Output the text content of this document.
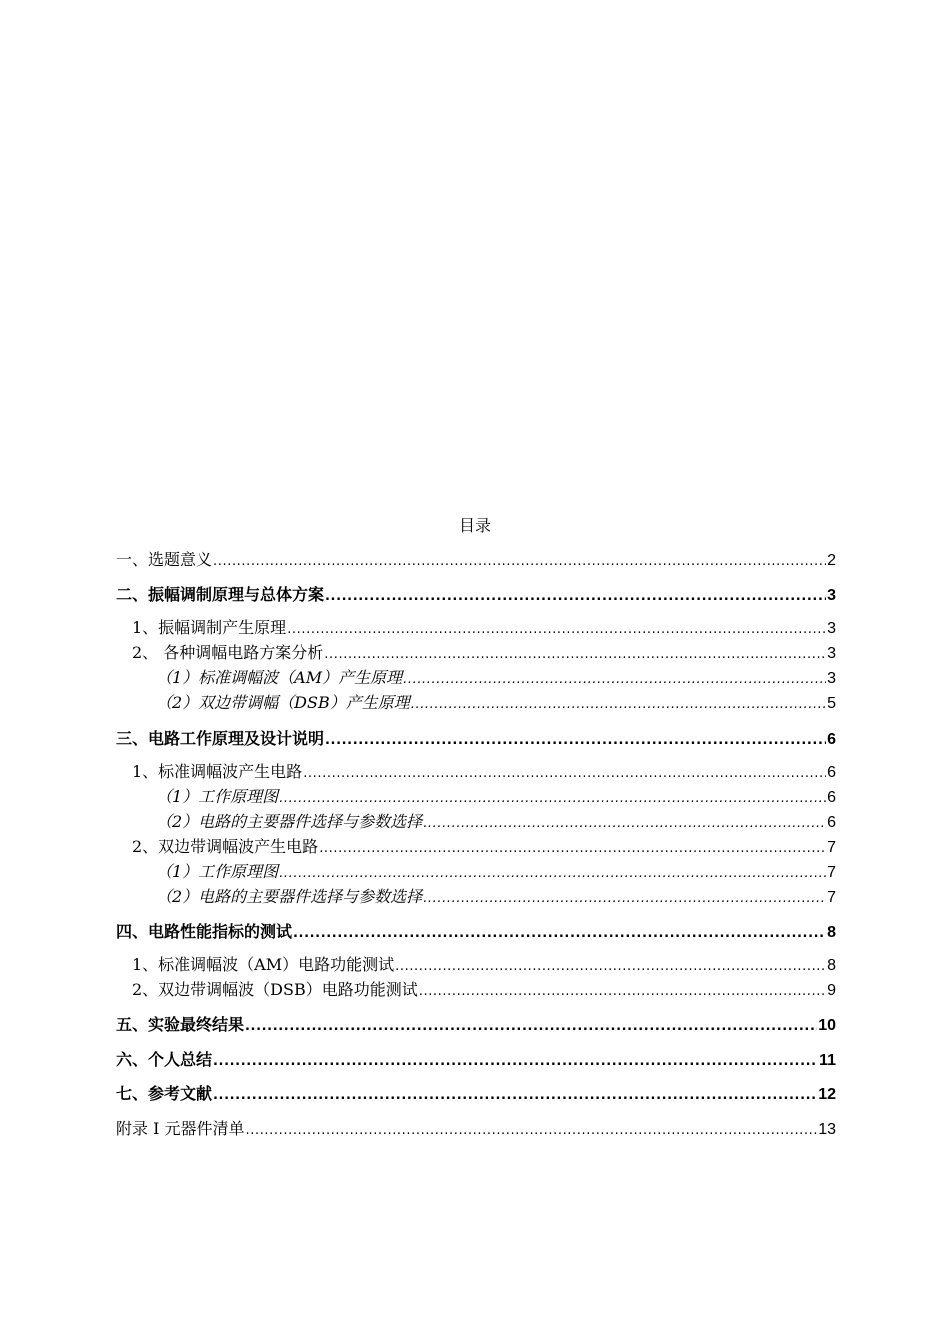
目录
一、选题意义 .....	2
二、振幅调制原理与总体方案 .....	3
1、振幅调制产生原理 .....	3
2、 各种调幅电路方案分析 .....	3
（1）标准调幅波（AM）产生原理 .....	3
（2）双边带调幅（DSB）产生原理 .....	5
三、电路工作原理及设计说明 .....	6
1、标准调幅波产生电路 .....	6
（1）工作原理图 .....	6
（2）电路的主要器件选择与参数选择 .....	6
2、双边带调幅波产生电路 .....	7
（1）工作原理图 .....	7
（2）电路的主要器件选择与参数选择 .....	7
四、电路性能指标的测试 .....	8
1、标准调幅波（AM）电路功能测试 .....	8
2、双边带调幅波（DSB）电路功能测试 .....	9
五、实验最终结果 .....	10
六、个人总结 .....	11
七、参考文献 .....	12
附录 I 元器件清单 .....	13
